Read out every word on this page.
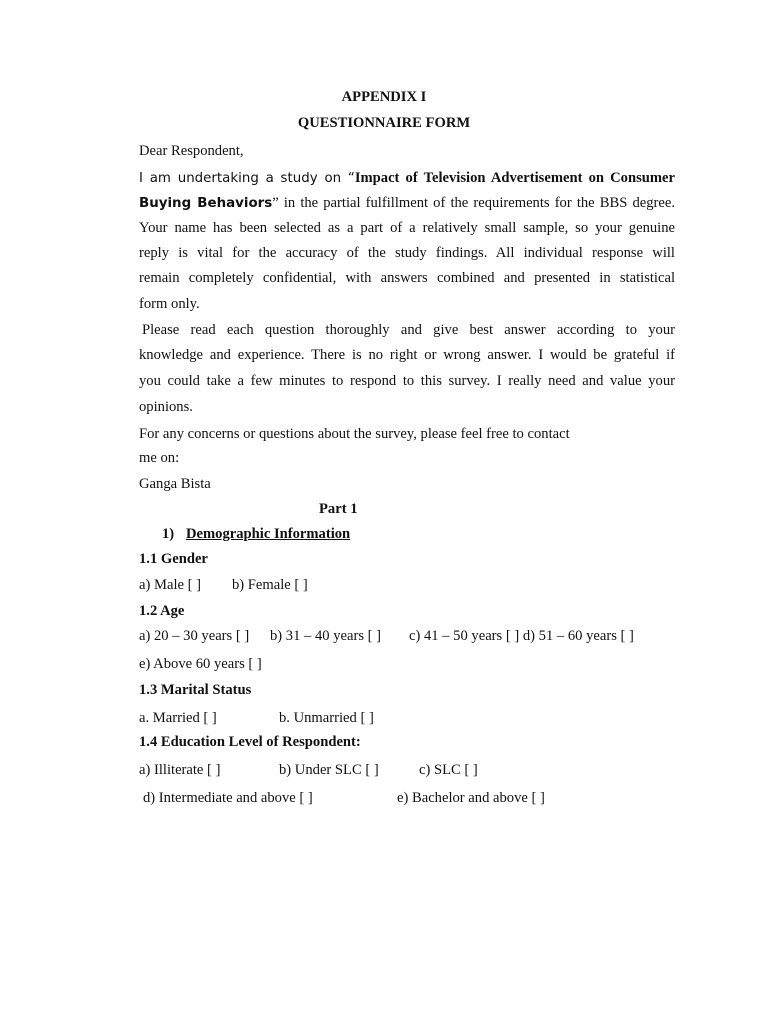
APPENDIX I
QUESTIONNAIRE FORM
Dear Respondent,
I am undertaking a study on “Impact of Television Advertisement on Consumer
Buying Behaviors” in the partial fulfillment of the requirements for the BBS degree.
Your name has been selected as a part of a relatively small sample, so your genuine
reply is vital for the accuracy of the study findings. All individual response will
remain completely confidential, with answers combined and presented in statistical
form only.
Please read each question thoroughly and give best answer according to your
knowledge and experience. There is no right or wrong answer. I would be grateful if
you could take a few minutes to respond to this survey. I really need and value your
opinions.
For any concerns or questions about the survey, please feel free to contact
me on:
Ganga Bista
Part 1
1) Demographic Information
1.1 Gender
a) Male [ ] b) Female [ ]
1.2 Age
a) 20 – 30 years [ ] b) 31 – 40 years [ ] c) 41 – 50 years [ ] d) 51 – 60 years [ ]
e) Above 60 years [ ]
1.3 Marital Status
a. Married [ ]	b. Unmarried [ ]
1.4 Education Level of Respondent:
a) Illiterate [ ]	b) Under SLC [ ]	c) SLC [ ]
d) Intermediate and above [ ]	e) Bachelor and above [ ]
